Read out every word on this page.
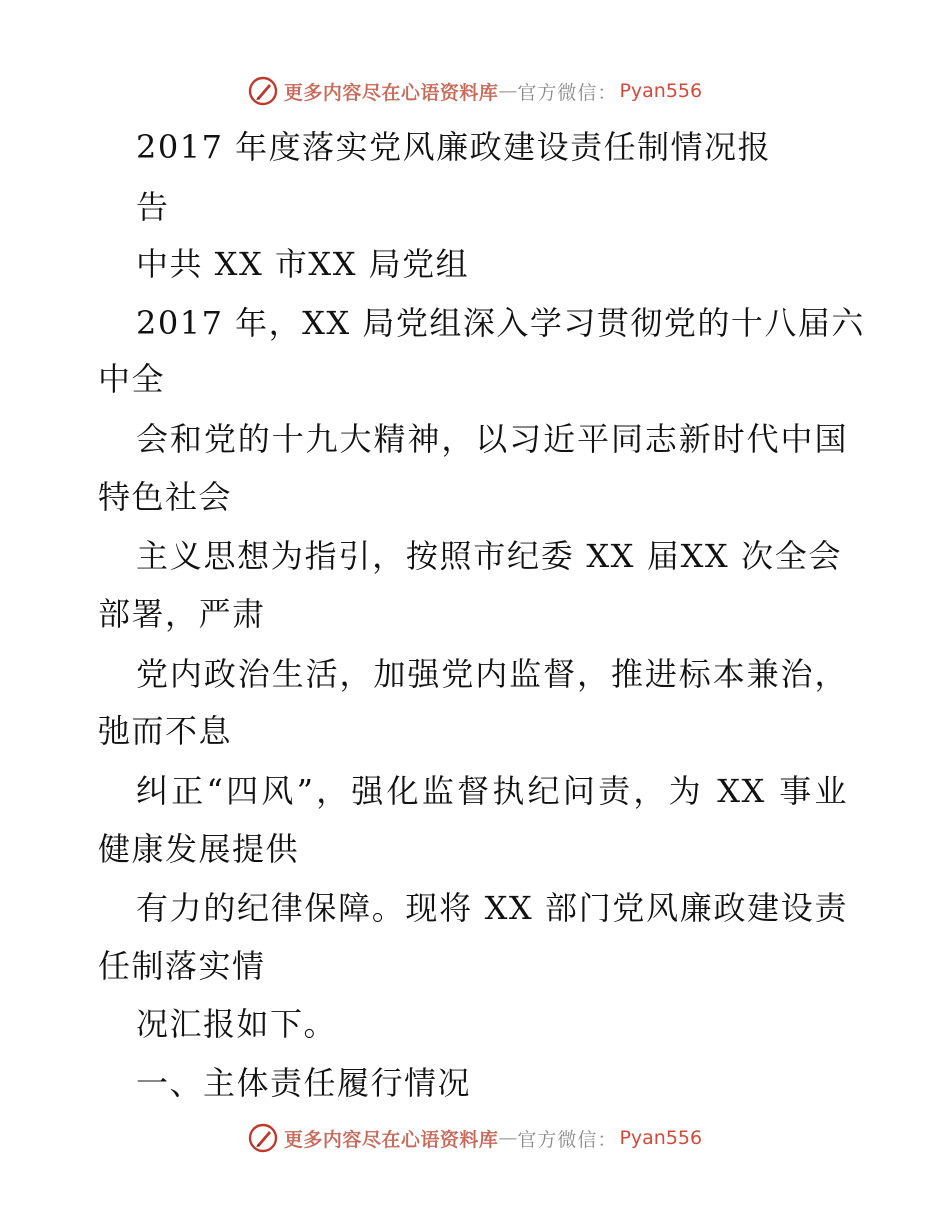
更多内容尽在心语资料库 — 官方微信： Pyan556
2017 年度落实党风廉政建设责任制情况报
告
中共 XX 市XX 局党组
2017 年，XX 局党组深入学习贯彻党的十八届六
中全
会和党的十九大精神，以习近平同志新时代中国
特色社会
主义思想为指引，按照市纪委 XX 届XX 次全会
部署，严肃
党内政治生活，加强党内监督，推进标本兼治，
弛而不息
纠正“四风”，强化监督执纪问责，为 XX 事业
健康发展提供
有力的纪律保障。现将 XX 部门党风廉政建设责
任制落实情
况汇报如下。
一、主体责任履行情况
更多内容尽在心语资料库 — 官方微信： Pyan556
